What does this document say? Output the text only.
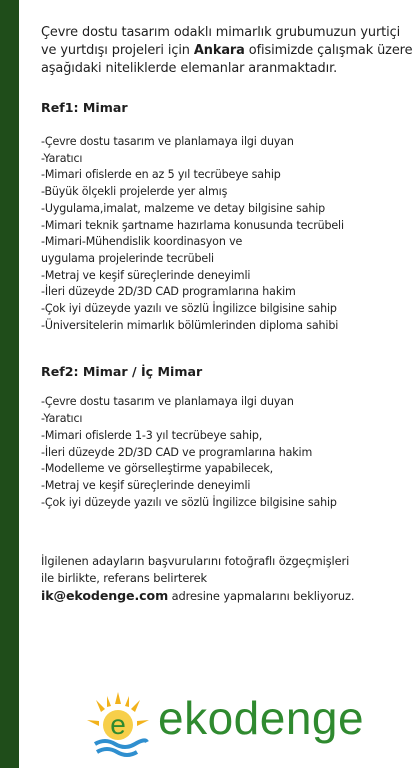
Çevre dostu tasarım odaklı mimarlık grubumuzun yurtiçi ve yurtdışı projeleri için Ankara ofisimizde çalışmak üzere aşağıdaki niteliklerde elemanlar aranmaktadır.

Ref1: Mimar
-Çevre dostu tasarım ve planlamaya ilgi duyan
-Yaratıcı
-Mimari ofislerde en az 5 yıl tecrübeye sahip
-Büyük ölçekli projelerde yer almış
-Uygulama,imalat, malzeme ve detay bilgisine sahip
-Mimari teknik şartname hazırlama konusunda tecrübeli
-Mimari-Mühendislik koordinasyon ve
uygulama projelerinde tecrübeli
-Metraj ve keşif süreçlerinde deneyimli
-İleri düzeyde 2D/3D CAD programlarına hakim
-Çok iyi düzeyde yazılı ve sözlü İngilizce bilgisine sahip
-Üniversitelerin mimarlık bölümlerinden diploma sahibi
Ref2: Mimar / İç Mimar
-Çevre dostu tasarım ve planlamaya ilgi duyan
-Yaratıcı
-Mimari ofislerde 1-3 yıl tecrübeye sahip,
-İleri düzeyde 2D/3D CAD ve programlarına hakim
-Modelleme ve görselleştirme yapabilecek,
-Metraj ve keşif süreçlerinde deneyimli
-Çok iyi düzeyde yazılı ve sözlü İngilizce bilgisine sahip

İlgilenen adayların başvurularını fotoğraflı özgeçmişleri

ile birlikte, referans belirterek

ik@ekodenge.com adresine yapmalarını bekliyoruz.

e ekodenge
